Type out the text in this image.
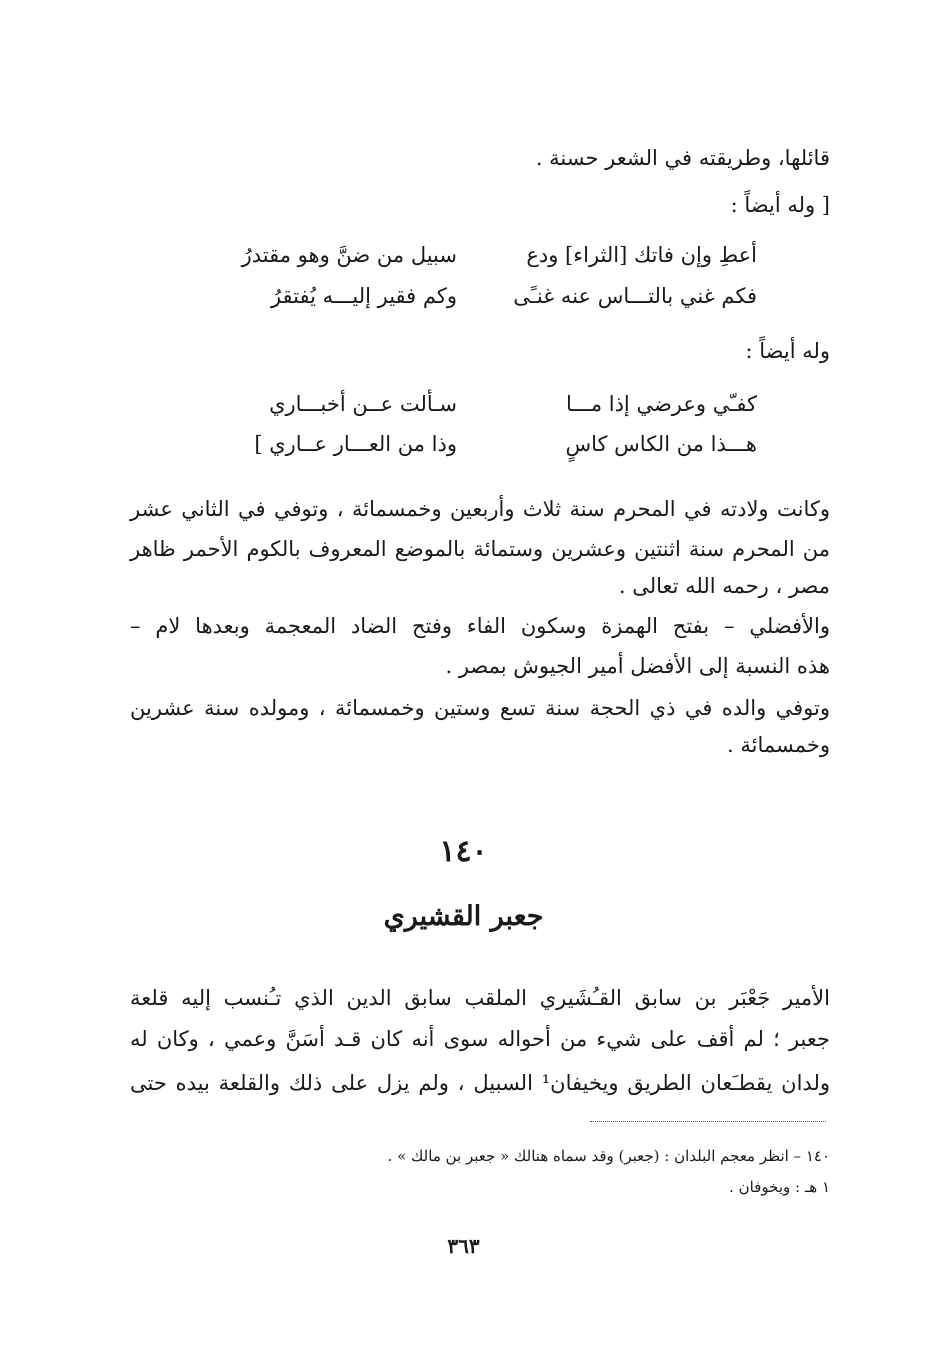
قائلها، وطريقته في الشعر حسنة .
[ وله أيضاً :
أعطِ وإن فاتك [الثراء] ودع
سبيل من ضنَّ وهو مقتدرُ
فكم غني بالتـــاس عنه غنـًى
وكم فقير إليـــه يُفتقرُ
وله أيضاً :
كفـّي وعرضي إذا مـــا
سـألت عــن أخبـــاري
هـــذا من الكاس كاسٍ
وذا من العـــار عــاري ]
وكانت ولادته في المحرم سنة ثلاث وأربعين وخمسمائة ، وتوفي في الثاني عشر
من المحرم سنة اثنتين وعشرين وستمائة بالموضع المعروف بالكوم الأحمر ظاهر
مصر ، رحمه الله تعالى .
والأفضلي – بفتح الهمزة وسكون الفاء وفتح الضاد المعجمة وبعدها لام –
هذه النسبة إلى الأفضل أمير الجيوش بمصر .
وتوفي والده في ذي الحجة سنة تسع وستين وخمسمائة ، ومولده سنة عشرين
وخمسمائة .
١٤٠
جعبر القشيري
الأمير جَعْبَر بن سابق القـُشَيري الملقب سابق الدين الذي تـُنسب إليه قلعة
جعبر ؛ لم أقف على شيء من أحواله سوى أنه كان قـد أسَنَّ وعمي ، وكان له
ولدان يقطـَعان الطريق ويخيفان¹ السبيل ، ولم يزل على ذلك والقلعة بيده حتى
١٤٠ – انظر معجم البلدان : (جعبر) وقد سماه هنالك « جعبر بن مالك » .
١ هـ : ويخوفان .
٣٦٣
